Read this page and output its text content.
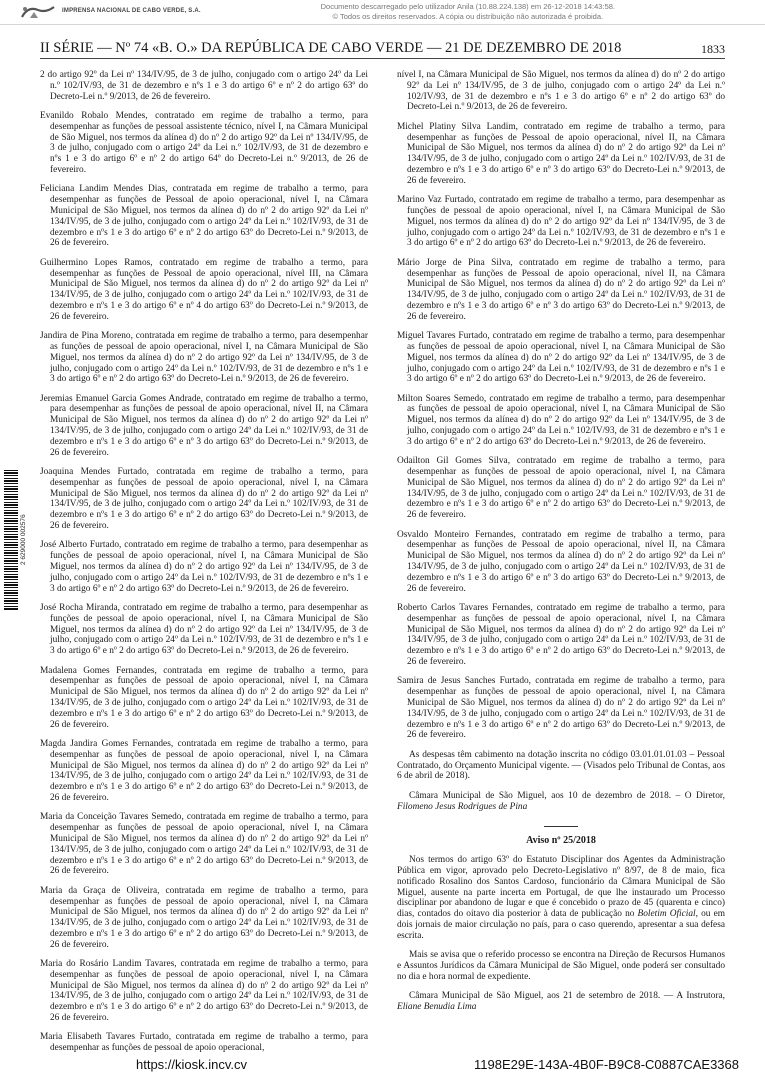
IMPRENSA NACIONAL DE CABO VERDE, S.A.	Documento descarregado pelo utilizador Anila (10.88.224.138) em 26-12-2018 14:43:58.
© Todos os direitos reservados. A cópia ou distribuição não autorizada é proibida.
II SÉRIE — Nº 74 «B. O.» DA REPÚBLICA DE CABO VERDE — 21 DE DEZEMBRO DE 2018	1833
2 629000 002576

2 do artigo 92º da Lei nº 134/IV/95, de 3 de julho, conjugado com o artigo 24º da Lei n.º 102/IV/93, de 31 de dezembro e nºs 1 e 3 do artigo 6º e nº 2 do artigo 63º do Decreto-Lei n.º 9/2013, de 26 de fevereiro.

Evanildo Robalo Mendes, contratado em regime de trabalho a termo, para desempenhar as funções de pessoal assistente técnico, nível I, na Câmara Municipal de São Miguel, nos termos da alínea d) do nº 2 do artigo 92º da Lei nº 134/IV/95, de 3 de julho, conjugado com o artigo 24º da Lei n.º 102/IV/93, de 31 de dezembro e nºs 1 e 3 do artigo 6º e nº 2 do artigo 64º do Decreto-Lei n.º 9/2013, de 26 de fevereiro.

Feliciana Landim Mendes Dias, contratada em regime de trabalho a termo, para desempenhar as funções de Pessoal de apoio operacional, nível I, na Câmara Municipal de São Miguel, nos termos da alínea d) do nº 2 do artigo 92º da Lei nº 134/IV/95, de 3 de julho, conjugado com o artigo 24º da Lei n.º 102/IV/93, de 31 de dezembro e nºs 1 e 3 do artigo 6º e nº 2 do artigo 63º do Decreto-Lei n.º 9/2013, de 26 de fevereiro.

Guilhermino Lopes Ramos, contratado em regime de trabalho a termo, para desempenhar as funções de Pessoal de apoio operacional, nível III, na Câmara Municipal de São Miguel, nos termos da alínea d) do nº 2 do artigo 92º da Lei nº 134/IV/95, de 3 de julho, conjugado com o artigo 24º da Lei n.º 102/IV/93, de 31 de dezembro e nºs 1 e 3 do artigo 6º e nº 4 do artigo 63º do Decreto-Lei n.º 9/2013, de 26 de fevereiro.

Jandira de Pina Moreno, contratada em regime de trabalho a termo, para desempenhar as funções de pessoal de apoio operacional, nível I, na Câmara Municipal de São Miguel, nos termos da alínea d) do nº 2 do artigo 92º da Lei nº 134/IV/95, de 3 de julho, conjugado com o artigo 24º da Lei n.º 102/IV/93, de 31 de dezembro e nºs 1 e 3 do artigo 6º e nº 2 do artigo 63º do Decreto-Lei n.º 9/2013, de 26 de fevereiro.

Jeremias Emanuel Garcia Gomes Andrade, contratado em regime de trabalho a termo, para desempenhar as funções de pessoal de apoio operacional, nível II, na Câmara Municipal de São Miguel, nos termos da alínea d) do nº 2 do artigo 92º da Lei nº 134/IV/95, de 3 de julho, conjugado com o artigo 24º da Lei n.º 102/IV/93, de 31 de dezembro e nºs 1 e 3 do artigo 6º e nº 3 do artigo 63º do Decreto-Lei n.º 9/2013, de 26 de fevereiro.

Joaquina Mendes Furtado, contratada em regime de trabalho a termo, para desempenhar as funções de pessoal de apoio operacional, nível I, na Câmara Municipal de São Miguel, nos termos da alínea d) do nº 2 do artigo 92º da Lei nº 134/IV/95, de 3 de julho, conjugado com o artigo 24º da Lei n.º 102/IV/93, de 31 de dezembro e nºs 1 e 3 do artigo 6º e nº 2 do artigo 63º do Decreto-Lei n.º 9/2013, de 26 de fevereiro.

José Alberto Furtado, contratado em regime de trabalho a termo, para desempenhar as funções de pessoal de apoio operacional, nível I, na Câmara Municipal de São Miguel, nos termos da alínea d) do nº 2 do artigo 92º da Lei nº 134/IV/95, de 3 de julho, conjugado com o artigo 24º da Lei n.º 102/IV/93, de 31 de dezembro e nºs 1 e 3 do artigo 6º e nº 2 do artigo 63º do Decreto-Lei n.º 9/2013, de 26 de fevereiro.

José Rocha Miranda, contratado em regime de trabalho a termo, para desempenhar as funções de pessoal de apoio operacional, nível I, na Câmara Municipal de São Miguel, nos termos da alínea d) do nº 2 do artigo 92º da Lei nº 134/IV/95, de 3 de julho, conjugado com o artigo 24º da Lei n.º 102/IV/93, de 31 de dezembro e nºs 1 e 3 do artigo 6º e nº 2 do artigo 63º do Decreto-Lei n.º 9/2013, de 26 de fevereiro.

Madalena Gomes Fernandes, contratada em regime de trabalho a termo, para desempenhar as funções de pessoal de apoio operacional, nível I, na Câmara Municipal de São Miguel, nos termos da alínea d) do nº 2 do artigo 92º da Lei nº 134/IV/95, de 3 de julho, conjugado com o artigo 24º da Lei n.º 102/IV/93, de 31 de dezembro e nºs 1 e 3 do artigo 6º e nº 2 do artigo 63º do Decreto-Lei n.º 9/2013, de 26 de fevereiro.

Magda Jandira Gomes Fernandes, contratada em regime de trabalho a termo, para desempenhar as funções de pessoal de apoio operacional, nível I, na Câmara Municipal de São Miguel, nos termos da alínea d) do nº 2 do artigo 92º da Lei nº 134/IV/95, de 3 de julho, conjugado com o artigo 24º da Lei n.º 102/IV/93, de 31 de dezembro e nºs 1 e 3 do artigo 6º e nº 2 do artigo 63º do Decreto-Lei n.º 9/2013, de 26 de fevereiro.

Maria da Conceição Tavares Semedo, contratada em regime de trabalho a termo, para desempenhar as funções de pessoal de apoio operacional, nível I, na Câmara Municipal de São Miguel, nos termos da alínea d) do nº 2 do artigo 92º da Lei nº 134/IV/95, de 3 de julho, conjugado com o artigo 24º da Lei n.º 102/IV/93, de 31 de dezembro e nºs 1 e 3 do artigo 6º e nº 2 do artigo 63º do Decreto-Lei n.º 9/2013, de 26 de fevereiro.

Maria da Graça de Oliveira, contratada em regime de trabalho a termo, para desempenhar as funções de pessoal de apoio operacional, nível I, na Câmara Municipal de São Miguel, nos termos da alínea d) do nº 2 do artigo 92º da Lei nº 134/IV/95, de 3 de julho, conjugado com o artigo 24º da Lei n.º 102/IV/93, de 31 de dezembro e nºs 1 e 3 do artigo 6º e nº 2 do artigo 63º do Decreto-Lei n.º 9/2013, de 26 de fevereiro.

Maria do Rosário Landim Tavares, contratada em regime de trabalho a termo, para desempenhar as funções de pessoal de apoio operacional, nível I, na Câmara Municipal de São Miguel, nos termos da alínea d) do nº 2 do artigo 92º da Lei nº 134/IV/95, de 3 de julho, conjugado com o artigo 24º da Lei n.º 102/IV/93, de 31 de dezembro e nºs 1 e 3 do artigo 6º e nº 2 do artigo 63º do Decreto-Lei n.º 9/2013, de 26 de fevereiro.

Maria Elisabeth Tavares Furtado, contratada em regime de trabalho a termo, para desempenhar as funções de pessoal de apoio operacional,

nível I, na Câmara Municipal de São Miguel, nos termos da alínea d) do nº 2 do artigo 92º da Lei nº 134/IV/95, de 3 de julho, conjugado com o artigo 24º da Lei n.º 102/IV/93, de 31 de dezembro e nºs 1 e 3 do artigo 6º e nº 2 do artigo 63º do Decreto-Lei n.º 9/2013, de 26 de fevereiro.

Michel Platiny Silva Landim, contratado em regime de trabalho a termo, para desempenhar as funções de Pessoal de apoio operacional, nível II, na Câmara Municipal de São Miguel, nos termos da alínea d) do nº 2 do artigo 92º da Lei nº 134/IV/95, de 3 de julho, conjugado com o artigo 24º da Lei n.º 102/IV/93, de 31 de dezembro e nºs 1 e 3 do artigo 6º e nº 3 do artigo 63º do Decreto-Lei n.º 9/2013, de 26 de fevereiro.

Marino Vaz Furtado, contratado em regime de trabalho a termo, para desempenhar as funções de pessoal de apoio operacional, nível I, na Câmara Municipal de São Miguel, nos termos da alínea d) do nº 2 do artigo 92º da Lei nº 134/IV/95, de 3 de julho, conjugado com o artigo 24º da Lei n.º 102/IV/93, de 31 de dezembro e nºs 1 e 3 do artigo 6º e nº 2 do artigo 63º do Decreto-Lei n.º 9/2013, de 26 de fevereiro.

Mário Jorge de Pina Silva, contratado em regime de trabalho a termo, para desempenhar as funções de Pessoal de apoio operacional, nível II, na Câmara Municipal de São Miguel, nos termos da alínea d) do nº 2 do artigo 92º da Lei nº 134/IV/95, de 3 de julho, conjugado com o artigo 24º da Lei n.º 102/IV/93, de 31 de dezembro e nºs 1 e 3 do artigo 6º e nº 3 do artigo 63º do Decreto-Lei n.º 9/2013, de 26 de fevereiro.

Miguel Tavares Furtado, contratado em regime de trabalho a termo, para desempenhar as funções de pessoal de apoio operacional, nível I, na Câmara Municipal de São Miguel, nos termos da alínea d) do nº 2 do artigo 92º da Lei nº 134/IV/95, de 3 de julho, conjugado com o artigo 24º da Lei n.º 102/IV/93, de 31 de dezembro e nºs 1 e 3 do artigo 6º e nº 2 do artigo 63º do Decreto-Lei n.º 9/2013, de 26 de fevereiro.

Milton Soares Semedo, contratado em regime de trabalho a termo, para desempenhar as funções de pessoal de apoio operacional, nível I, na Câmara Municipal de São Miguel, nos termos da alínea d) do nº 2 do artigo 92º da Lei nº 134/IV/95, de 3 de julho, conjugado com o artigo 24º da Lei n.º 102/IV/93, de 31 de dezembro e nºs 1 e 3 do artigo 6º e nº 2 do artigo 63º do Decreto-Lei n.º 9/2013, de 26 de fevereiro.

Odailton Gil Gomes Silva, contratado em regime de trabalho a termo, para desempenhar as funções de pessoal de apoio operacional, nível I, na Câmara Municipal de São Miguel, nos termos da alínea d) do nº 2 do artigo 92º da Lei nº 134/IV/95, de 3 de julho, conjugado com o artigo 24º da Lei n.º 102/IV/93, de 31 de dezembro e nºs 1 e 3 do artigo 6º e nº 2 do artigo 63º do Decreto-Lei n.º 9/2013, de 26 de fevereiro.

Osvaldo Monteiro Fernandes, contratado em regime de trabalho a termo, para desempenhar as funções de Pessoal de apoio operacional, nível II, na Câmara Municipal de São Miguel, nos termos da alínea d) do nº 2 do artigo 92º da Lei nº 134/IV/95, de 3 de julho, conjugado com o artigo 24º da Lei n.º 102/IV/93, de 31 de dezembro e nºs 1 e 3 do artigo 6º e nº 3 do artigo 63º do Decreto-Lei n.º 9/2013, de 26 de fevereiro.

Roberto Carlos Tavares Fernandes, contratado em regime de trabalho a termo, para desempenhar as funções de pessoal de apoio operacional, nível I, na Câmara Municipal de São Miguel, nos termos da alínea d) do nº 2 do artigo 92º da Lei nº 134/IV/95, de 3 de julho, conjugado com o artigo 24º da Lei n.º 102/IV/93, de 31 de dezembro e nºs 1 e 3 do artigo 6º e nº 2 do artigo 63º do Decreto-Lei n.º 9/2013, de 26 de fevereiro.

Samira de Jesus Sanches Furtado, contratada em regime de trabalho a termo, para desempenhar as funções de pessoal de apoio operacional, nível I, na Câmara Municipal de São Miguel, nos termos da alínea d) do nº 2 do artigo 92º da Lei nº 134/IV/95, de 3 de julho, conjugado com o artigo 24º da Lei n.º 102/IV/93, de 31 de dezembro e nºs 1 e 3 do artigo 6º e nº 2 do artigo 63º do Decreto-Lei n.º 9/2013, de 26 de fevereiro.

As despesas têm cabimento na dotação inscrita no código 03.01.01.01.03 – Pessoal Contratado, do Orçamento Municipal vigente. — (Visados pelo Tribunal de Contas, aos 6 de abril de 2018).

Câmara Municipal de São Miguel, aos 10 de dezembro de 2018. – O Diretor, Filomeno Jesus Rodrigues de Pina

Aviso nº 25/2018

Nos termos do artigo 63º do Estatuto Disciplinar dos Agentes da Administração Pública em vigor, aprovado pelo Decreto-Legislativo nº 8/97, de 8 de maio, fica notificado Rosalino dos Santos Cardoso, funcionário da Câmara Municipal de São Miguel, ausente na parte incerta em Portugal, de que lhe instaurado um Processo disciplinar por abandono de lugar e que é concebido o prazo de 45 (quarenta e cinco) dias, contados do oitavo dia posterior à data de publicação no Boletim Oficial, ou em dois jornais de maior circulação no país, para o caso querendo, apresentar a sua defesa escrita.

Mais se avisa que o referido processo se encontra na Direção de Recursos Humanos e Assuntos Jurídicos da Câmara Municipal de São Miguel, onde poderá ser consultado no dia e hora normal de expediente.

Câmara Municipal de São Miguel, aos 21 de setembro de 2018. — A Instrutora, Eliane Benudia Lima

https://kiosk.incv.cv	1198E29E-143A-4B0F-B9C8-C0887CAE3368
